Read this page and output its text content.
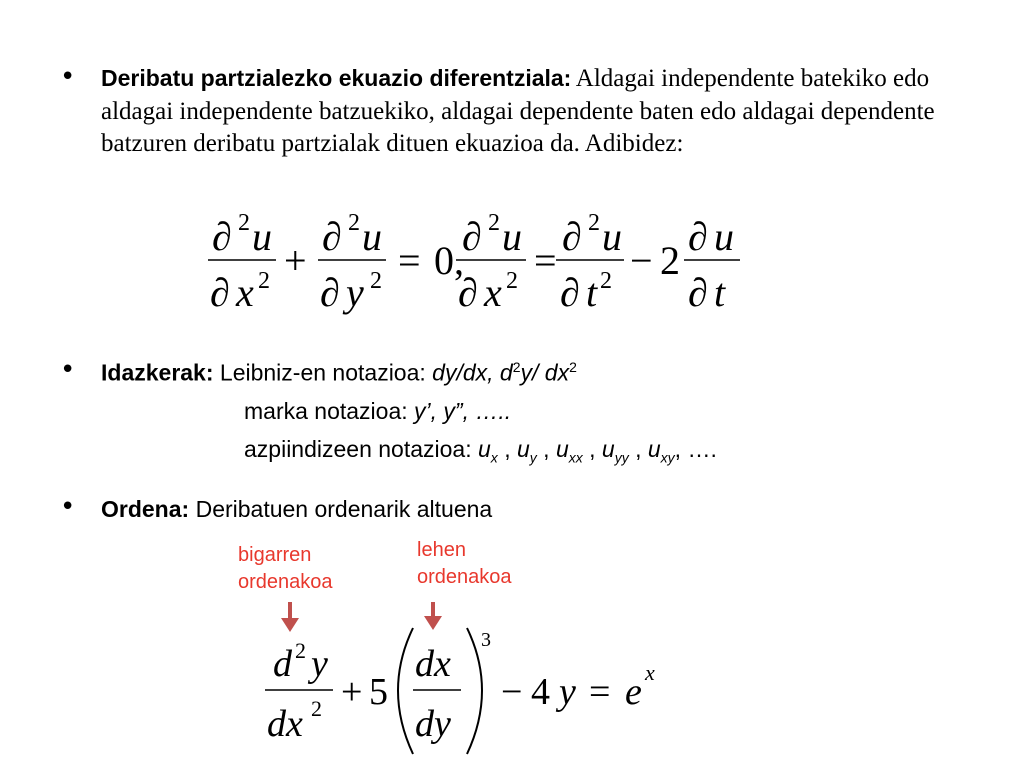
• Deribatu partzialezko ekuazio diferentziala: Aldagai independente batekiko edo aldagai independente batzuekiko, aldagai dependente baten edo aldagai dependente batzuren deribatu partzialak dituen ekuazioa da. Adibidez:
∂ 2 u
∂ x 2 +
∂ 2 u
∂ y 2 = 0,
∂ 2 u
∂ x 2 =
∂ 2 u
∂ t 2 − 2
∂ u
∂ t
• Idazkerak: Leibniz-en notazioa: dy/dx, $d^2y/$ $dx^2$
marka notazioa: y’, y”, …..
azpiindizeen notazioa: $u_x$ , $u_y$ , $u_{xx}$ , $u_{yy}$ , $u_{xy}$, ….
• Ordena: Deribatuen ordenarik altuena
bigarren
ordenakoa
lehen
ordenakoa
d 2 y
dx 2 + 5
dx
dy
3
− 4 y = e x
